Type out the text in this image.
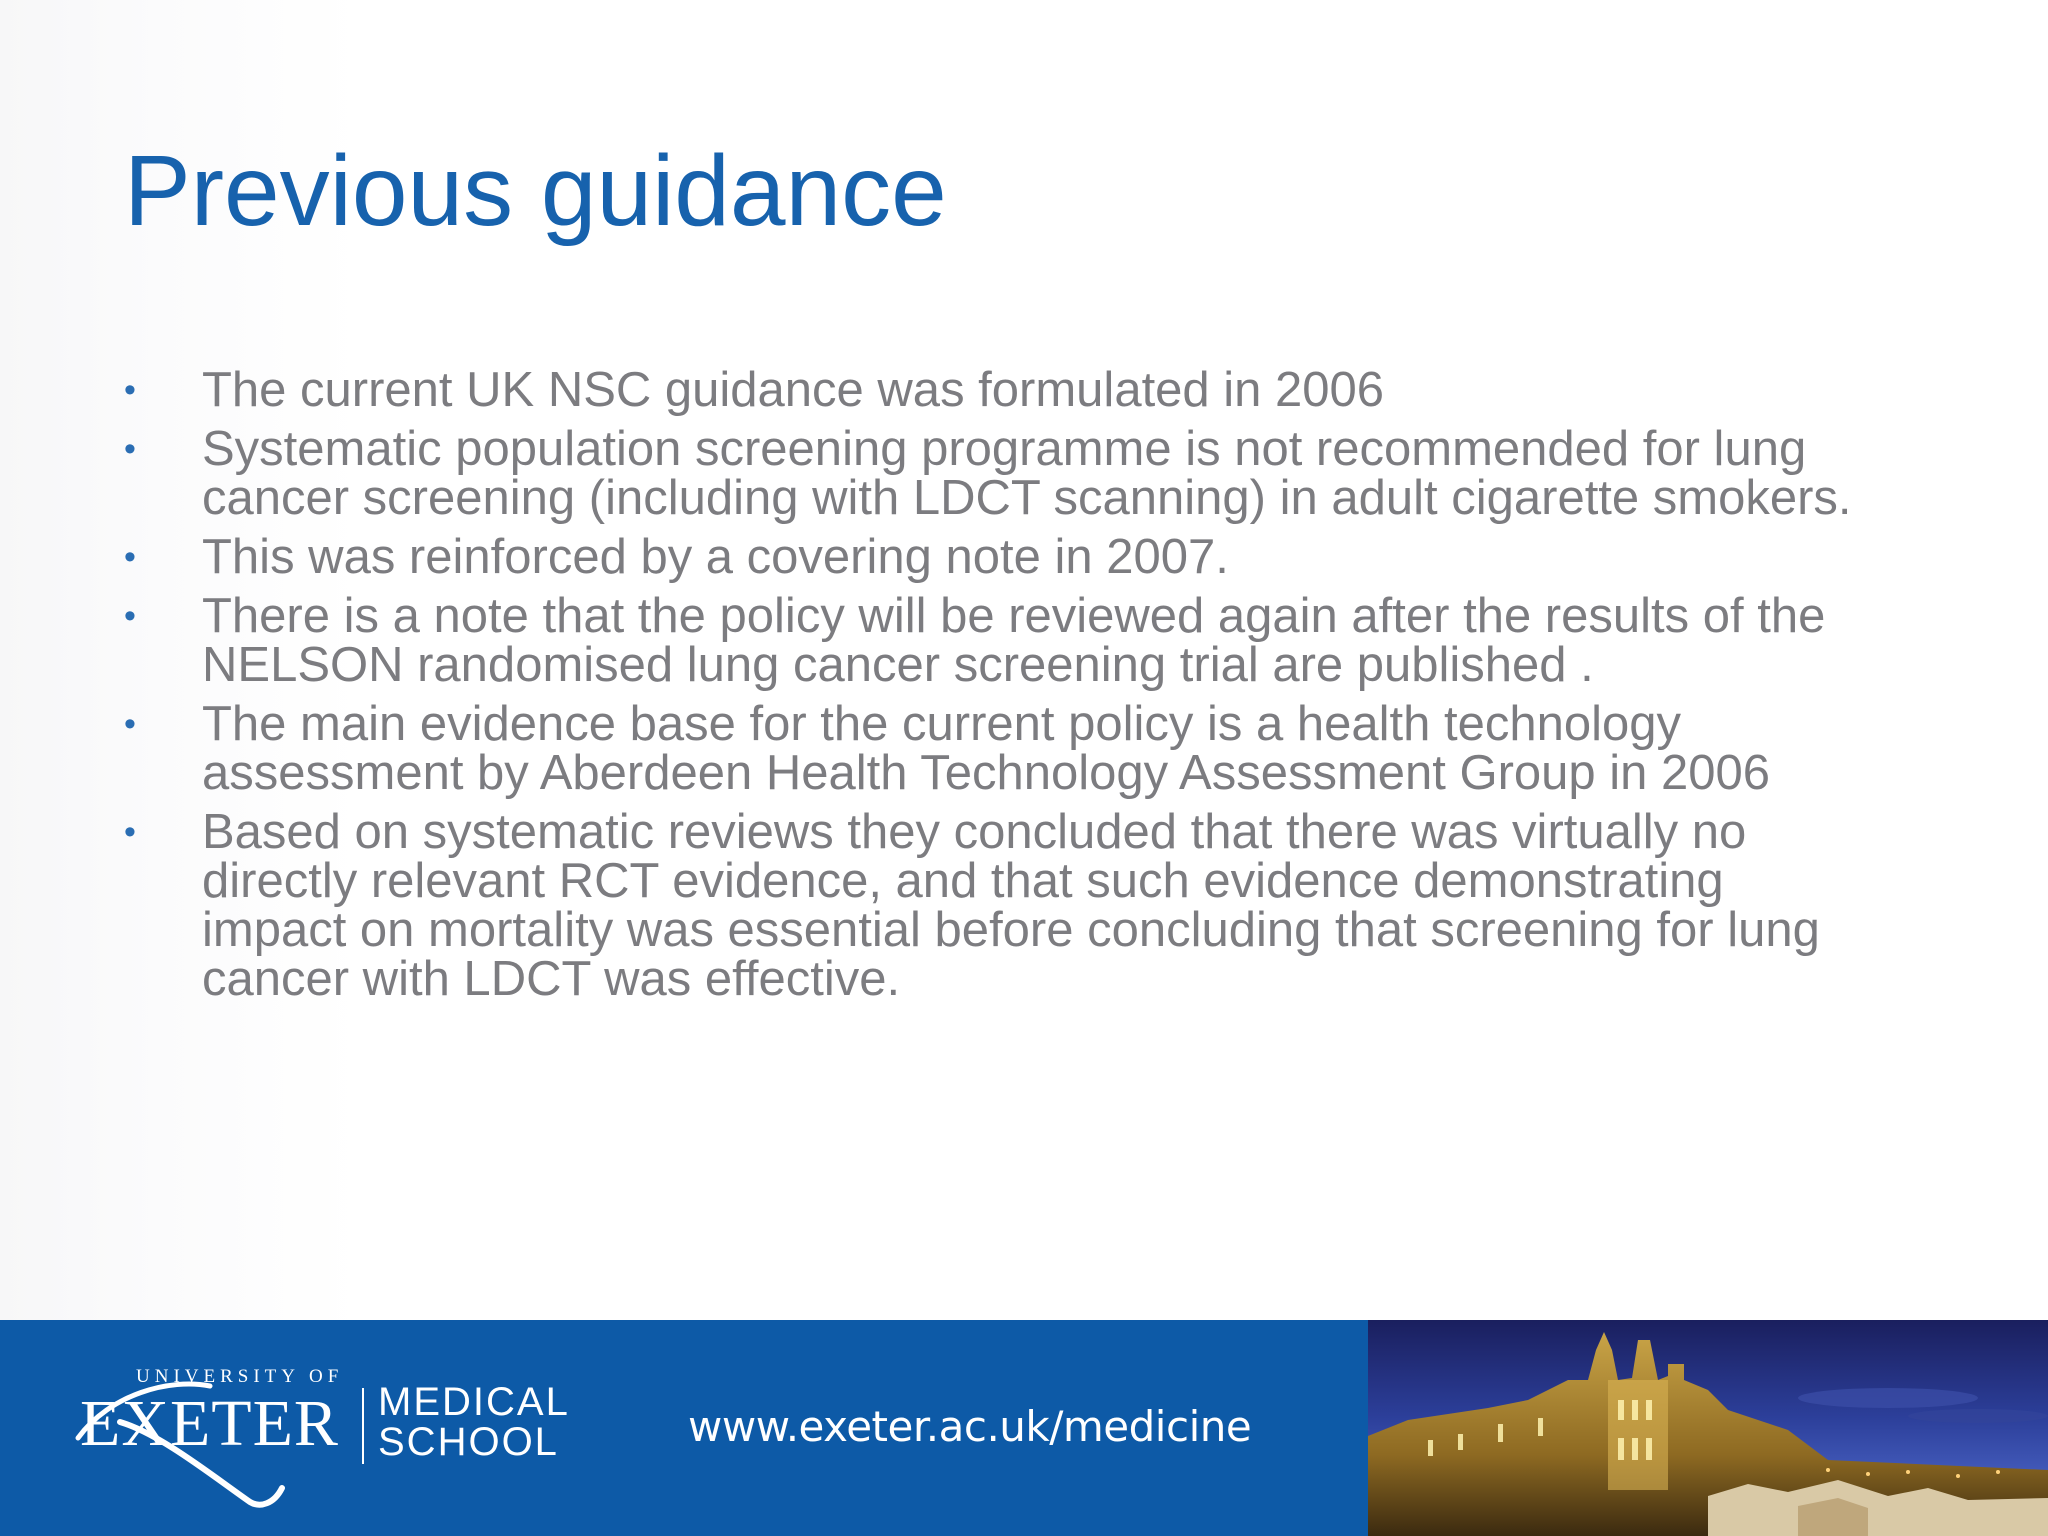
Previous guidance
• The current UK NSC guidance was formulated in 2006
• Systematic population screening programme is not recommended for lung
cancer screening (including with LDCT scanning) in adult cigarette smokers.
• This was reinforced by a covering note in 2007.
• There is a note that the policy will be reviewed again after the results of the
NELSON randomised lung cancer screening trial are published .
• The main evidence base for the current policy is a health technology
assessment by Aberdeen Health Technology Assessment Group in 2006
• Based on systematic reviews they concluded that there was virtually no
directly relevant RCT evidence, and that such evidence demonstrating
impact on mortality was essential before concluding that screening for lung
cancer with LDCT was effective.
UNIVERSITY OF
EXETER MEDICAL
SCHOOL	www.exeter.ac.uk/medicine
